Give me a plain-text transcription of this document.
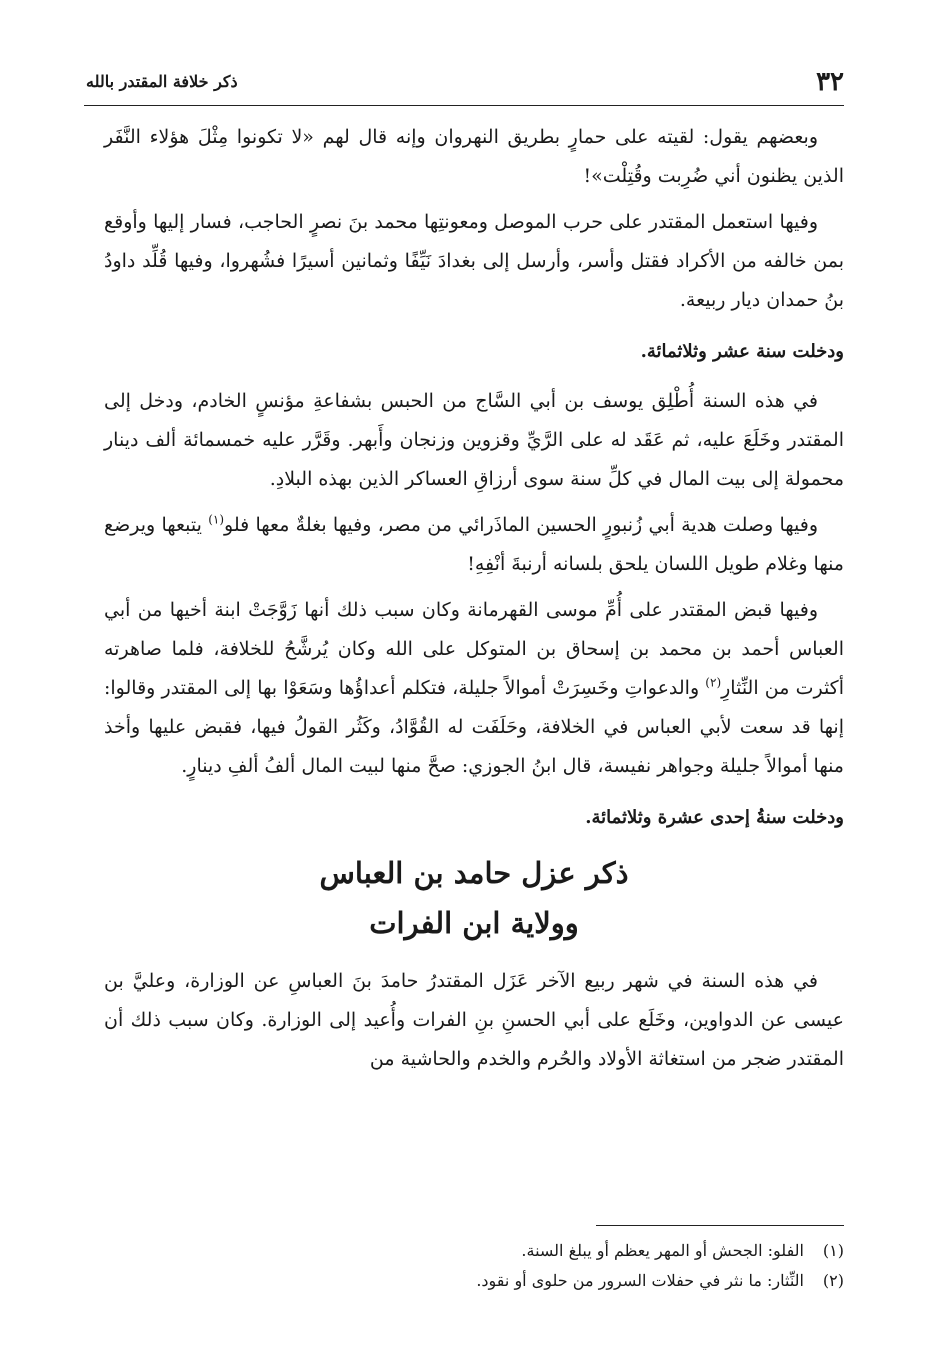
٣٢
ذكر خلافة المقتدر بالله

وبعضهم يقول: لقيته على حمارٍ بطريق النهروان وإنه قال لهم «لا تكونوا مِثْلَ هؤلاء النَّفَر الذين يظنون أني ضُرِبت وقُتِلْت»!

وفيها استعمل المقتدر على حرب الموصل ومعونتِها محمد بنَ نصرٍ الحاجب، فسار إليها وأوقع بمن خالفه من الأكراد فقتل وأسر، وأرسل إلى بغدادَ نَيِّفًا وثمانين أسيرًا فشُهروا، وفيها قُلِّد داودُ بنُ حمدان ديار ربيعة.

ودخلت سنة عشر وثلاثمائة.

في هذه السنة أُطْلِق يوسف بن أبي السَّاج من الحبس بشفاعةِ مؤنسٍ الخادم، ودخل إلى المقتدر وخَلَعَ عليه، ثم عَقَد له على الرَّيِّ وقزوين وزنجان وأَبهر. وقَرَّر عليه خمسمائة ألف دينار محمولة إلى بيت المال في كلِّ سنة سوى أرزاقِ العساكر الذين بهذه البلادِ.

وفيها وصلت هدية أبي زُنبورٍ الحسين الماذَرائي من مصر، وفيها بغلةٌ معها فلو$^{(١)}$ يتبعها ويرضع منها وغلام طويل اللسان يلحق بلسانه أرنبةَ أنْفِهِ!

وفيها قبض المقتدر على أُمِّ موسى القهرمانة وكان سبب ذلك أنها زَوَّجَتْ ابنة أخيها من أبي العباس أحمد بن محمد بن إسحاق بن المتوكل على الله وكان يُرشَّحُ للخلافة، فلما صاهرته أكثرت من النِّثارِ$^{(٢)}$ والدعواتِ وخَسِرَتْ أموالاً جليلة، فتكلم أعداؤُها وسَعَوْا بها إلى المقتدر وقالوا: إنها قد سعت لأبي العباس في الخلافة، وحَلَفَت له القُوَّادُ، وكَثُر القولُ فيها، فقبض عليها وأخذ منها أموالاً جليلة وجواهر نفيسة، قال ابنُ الجوزي: صحَّ منها لبيت المال ألفُ ألفِ دينارٍ.

ودخلت سنةُ إحدى عشرة وثلاثمائة.

ذكر عزل حامد بن العباس
وولاية ابن الفرات

في هذه السنة في شهر ربيع الآخر عَزَل المقتدرُ حامدَ بنَ العباسِ عن الوزارة، وعليَّ بن عيسى عن الدواوين، وخَلَع على أبي الحسنِ بنِ الفرات وأُعيد إلى الوزارة. وكان سبب ذلك أن المقتدر ضجر من استغاثة الأولاد والحُرم والخدم والحاشية من

(١)
الفلو: الجحش أو المهر يعظم أو يبلغ السنة.
(٢)
النِّثار: ما نثر في حفلات السرور من حلوى أو نقود.
